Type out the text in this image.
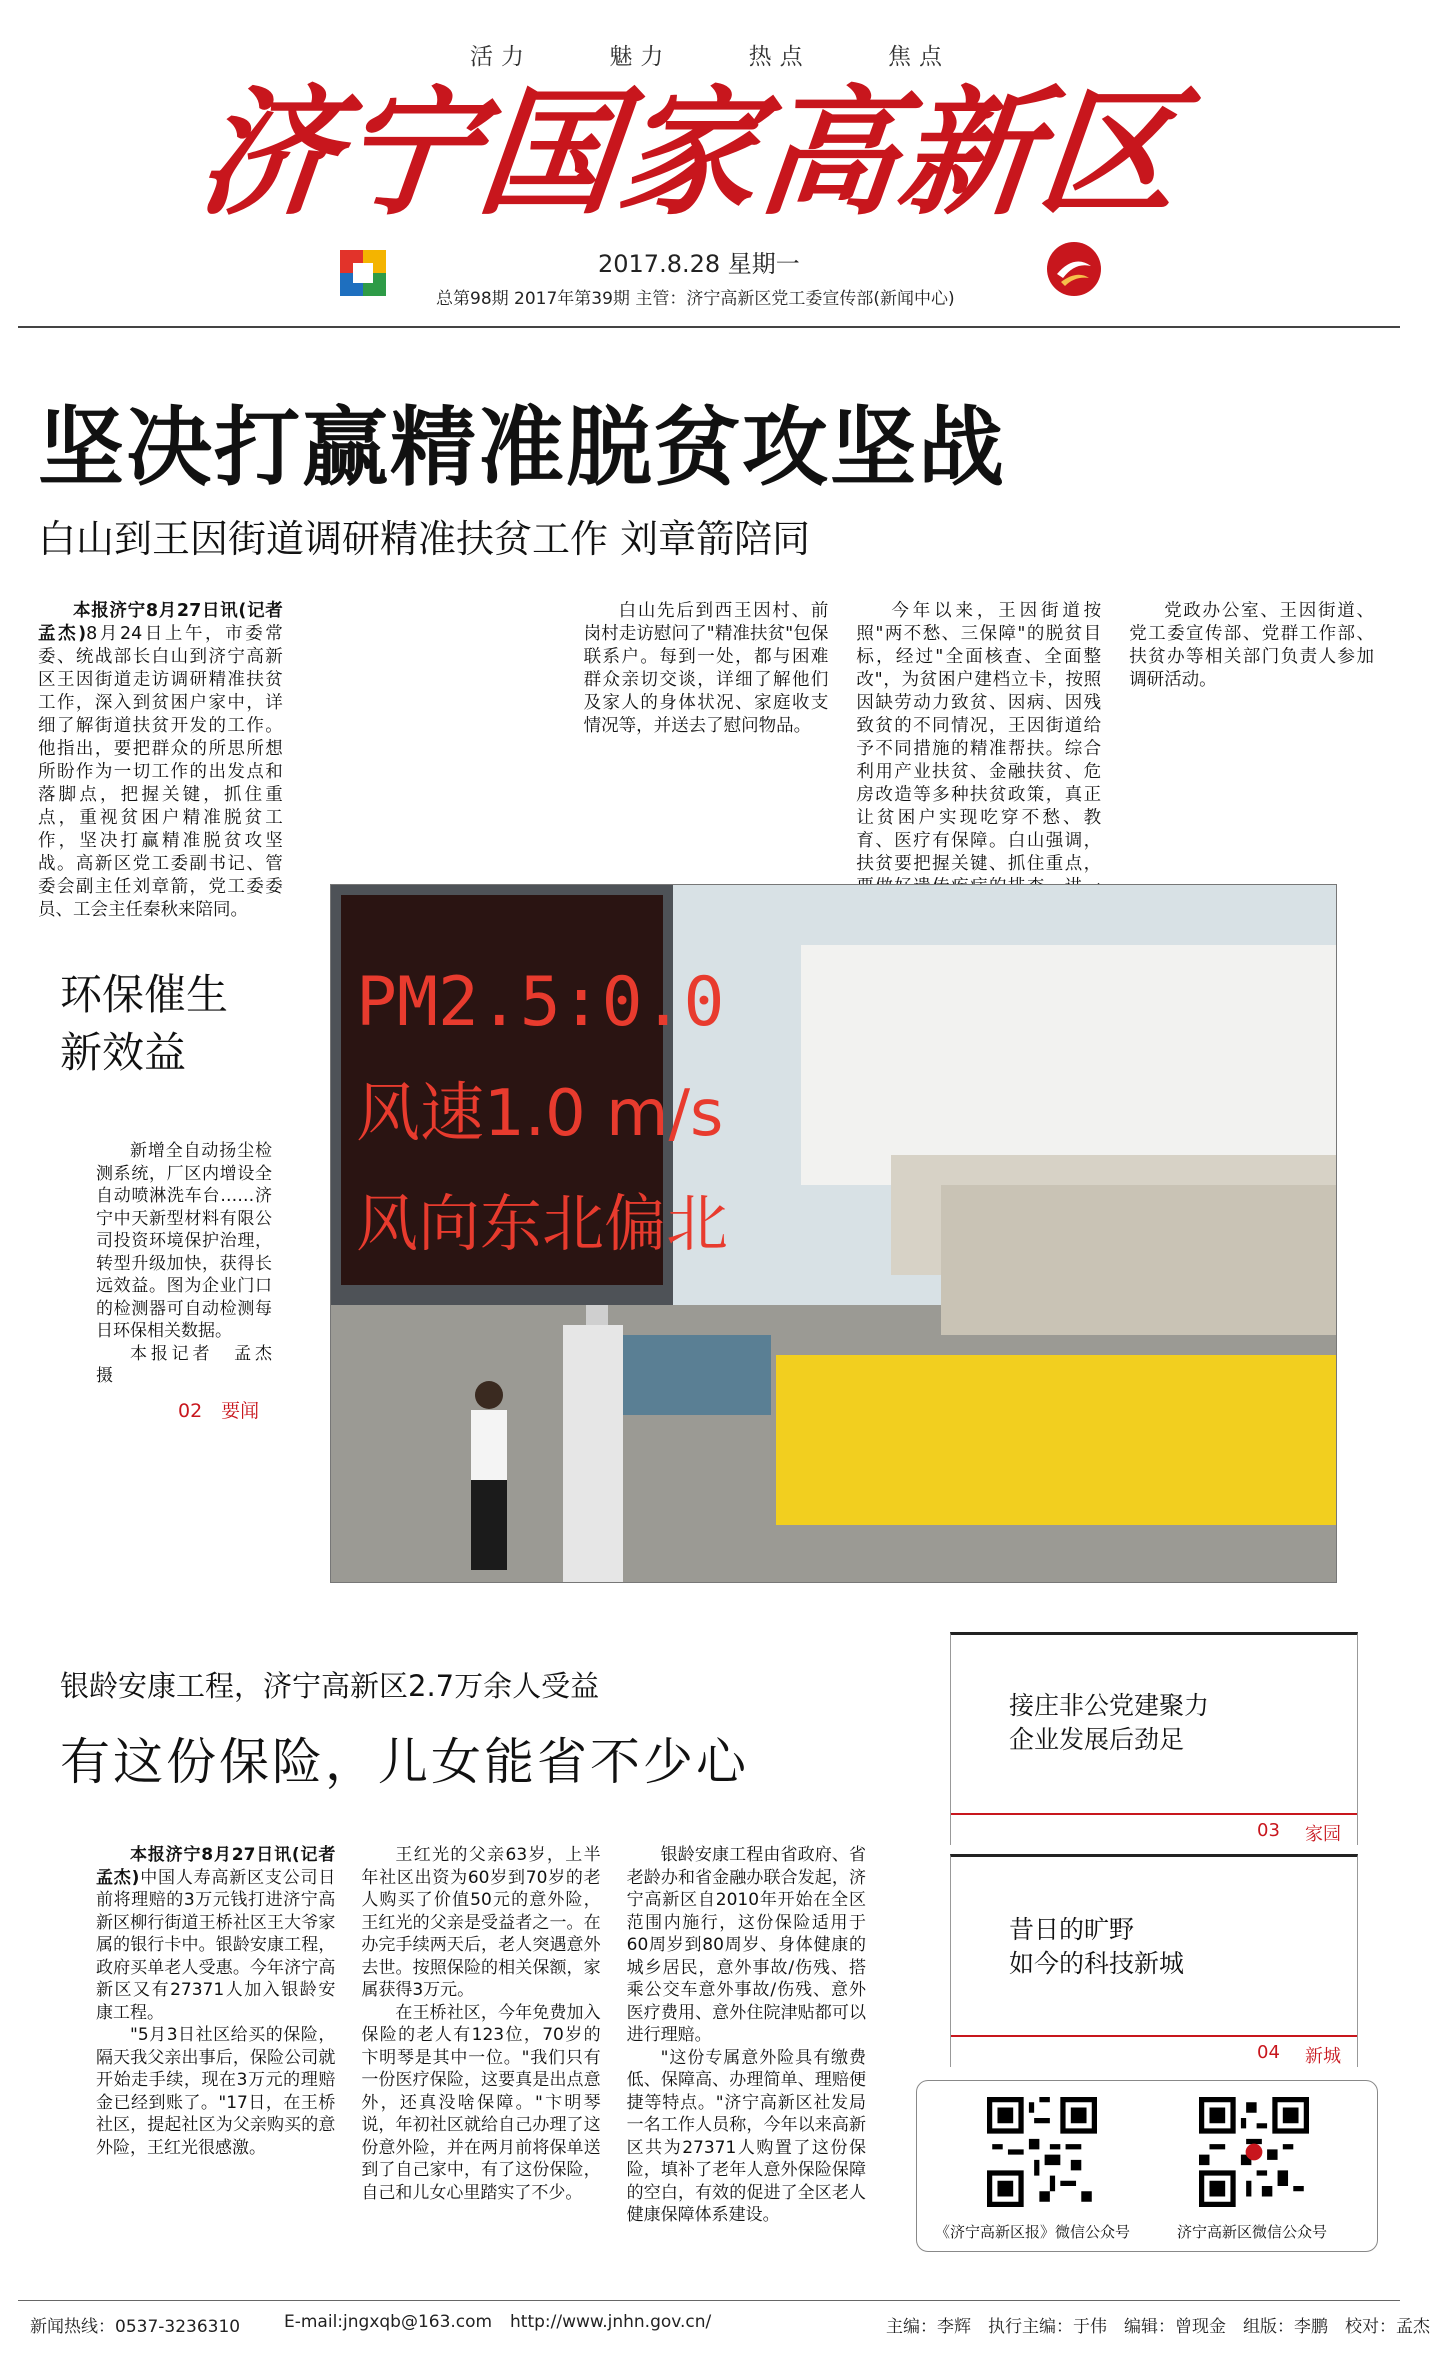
活力	魅力	热点	焦点
济宁国家高新区
2017.8.28 星期一
总第98期 2017年第39期 主管：济宁高新区党工委宣传部(新闻中心)
坚决打赢精准脱贫攻坚战
白山到王因街道调研精准扶贫工作 刘章箭陪同

本报济宁8月27日讯(记者 孟杰)8月24日上午，市委常委、统战部长白山到济宁高新区王因街道走访调研精准扶贫工作，深入到贫困户家中，详细了解街道扶贫开发的工作。他指出，要把群众的所思所想所盼作为一切工作的出发点和落脚点，把握关键，抓住重点，重视贫困户精准脱贫工作，坚决打赢精准脱贫攻坚战。高新区党工委副书记、管委会副主任刘章箭，党工委委员、工会主任秦秋来陪同。

白山先后到西王因村、前岗村走访慰问了"精准扶贫"包保联系户。每到一处，都与困难群众亲切交谈，详细了解他们及家人的身体状况、家庭收支情况等，并送去了慰问物品。

今年以来，王因街道按照"两不愁、三保障"的脱贫目标，经过"全面核查、全面整改"，为贫困户建档立卡，按照因缺劳动力致贫、因病、因残致贫的不同情况，王因街道给予不同措施的精准帮扶。综合利用产业扶贫、金融扶贫、危房改造等多种扶贫政策，真正让贫困户实现吃穿不愁、教育、医疗有保障。白山强调，扶贫要把握关键、抓住重点，

党政办公室、王因街道、党工委宣传部、党群工作部、扶贫办等相关部门负责人参加调研活动。

环保催生
新效益

新增全自动扬尘检测系统，厂区内增设全自动喷淋洗车台……济宁中天新型材料有限公司投资环境保护治理，转型升级加快，获得长远效益。图为企业门口的检测器可自动检测每日环保相关数据。

本报记者　孟杰　摄

02　要闻
PM2.5:0.0
风速1.0 m/s
风向东北偏北
银龄安康工程，济宁高新区2.7万余人受益
有这份保险，儿女能省不少心

本报济宁8月27日讯(记者 孟杰)中国人寿高新区支公司日前将理赔的3万元钱打进济宁高新区柳行街道王桥社区王大爷家属的银行卡中。银龄安康工程，政府买单老人受惠。今年济宁高新区又有27371人加入银龄安康工程。

"5月3日社区给买的保险，隔天我父亲出事后，保险公司就开始走手续，现在3万元的理赔金已经到账了。"17日，在王桥社区，提起社区为父亲购买的意外险，王红光很感激。

王红光的父亲63岁，上半年社区出资为60岁到70岁的老人购买了价值50元的意外险，王红光的父亲是受益者之一。在办完手续两天后，老人突遇意外去世。按照保险的相关保额，家属获得3万元。

在王桥社区，今年免费加入保险的老人有123位，70岁的卞明琴是其中一位。"我们只有一份医疗保险，这要真是出点意外，还真没啥保障。"卞明琴说，年初社区就给自己办理了这份意外险，并在两月前将保单送到了自己家中，有了这份保险，自己和儿女心里踏实了不少。

银龄安康工程由省政府、省老龄办和省金融办联合发起，济宁高新区自2010年开始在全区范围内施行，这份保险适用于60周岁到80周岁、身体健康的城乡居民，意外事故/伤残、搭乘公交车意外事故/伤残、意外医疗费用、意外住院津贴都可以进行理赔。

"这份专属意外险具有缴费低、保障高、办理简单、理赔便捷等特点。"济宁高新区社发局一名工作人员称，今年以来高新区共为27371人购置了这份保险，填补了老年人意外保险保障的空白，有效的促进了全区老人健康保障体系建设。

接庄非公党建聚力
企业发展后劲足
03 家园
昔日的旷野
如今的科技新城
04 新城
《济宁高新区报》微信公众号	济宁高新区微信公众号
新闻热线：0537-3236310	E-mail:jngxqb@163.com http://www.jnhn.gov.cn/	主编：李辉　执行主编：于伟　编辑：曾现金　组版：李鹏　校对：孟杰
